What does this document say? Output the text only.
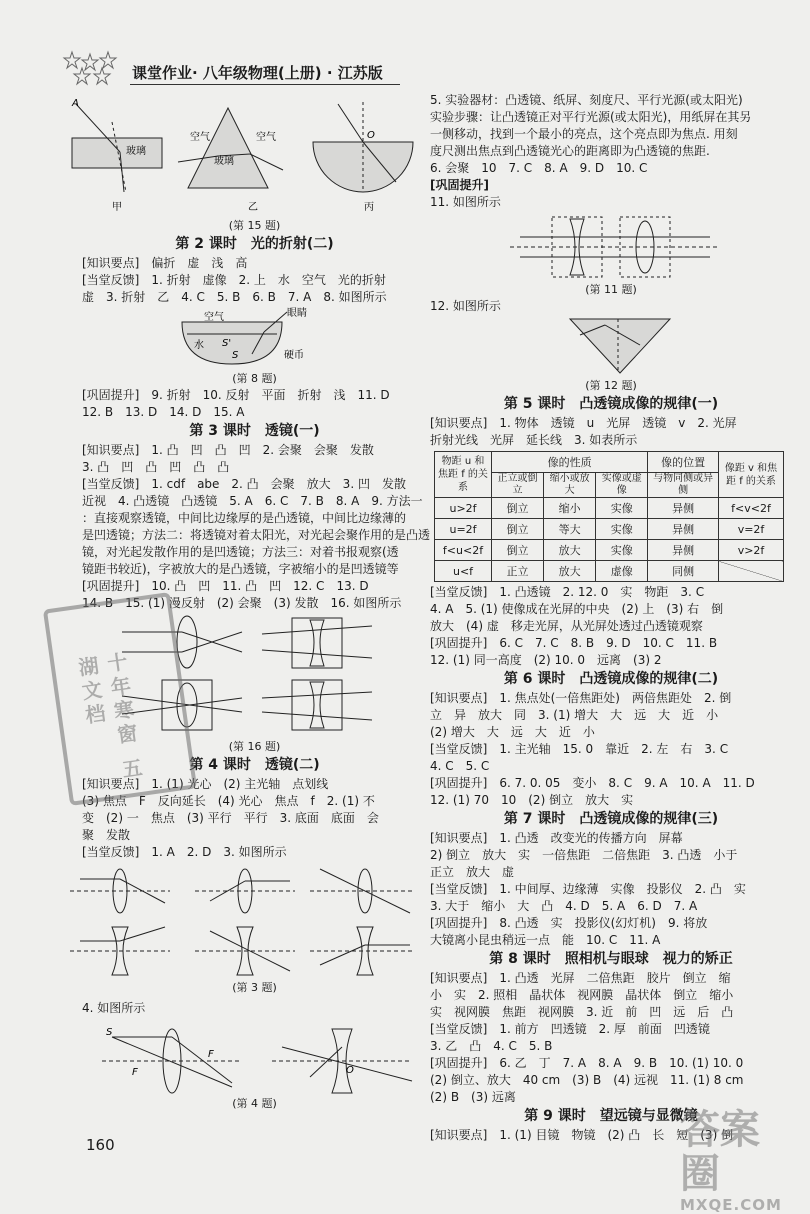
课堂作业· 八年级物理(上册) · 江苏版
A
玻璃
空气	空气
玻璃
O
甲	乙	丙
(第 15 题)
第 2 课时　光的折射(二)
[知识要点]　偏折　虚　浅　高
[当堂反馈]　1. 折射　虚像　2. 上　水　空气　光的折射
虚　3. 折射　乙　4. C　5. B　6. B　7. A　8. 如图所示
眼睛
空气
水
硬币
S'
S
(第 8 题)
[巩固提升]　9. 折射　10. 反射　平面　折射　浅　11. D
12. B　13. D　14. D　15. A
第 3 课时　透镜(一)
[知识要点]　1. 凸　凹　凸　凹　2. 会聚　会聚　发散
3. 凸　凹　凸　凹　凸　凸
[当堂反馈]　1. cdf　abe　2. 凸　会聚　放大　3. 凹　发散
近视　4. 凸透镜　凸透镜　5. A　6. C　7. B　8. A　9. 方法一
：直接观察透镜，中间比边缘厚的是凸透镜，中间比边缘薄的
是凹透镜；方法二：将透镜对着太阳光，对光起会聚作用的是凸透
镜，对光起发散作用的是凹透镜；方法三：对着书报观察(透
镜距书较近)，字被放大的是凸透镜，字被缩小的是凹透镜等
[巩固提升]　10. 凸　凹　11. 凸　凹　12. C　13. D
14. B　15. (1) 漫反射　(2) 会聚　(3) 发散　16. 如图所示
(第 16 题)
第 4 课时　透镜(二)
[知识要点]　1. (1) 光心　(2) 主光轴　点划线
(3) 焦点　F　反向延长　(4) 光心　焦点　f　2. (1) 不
变　(2) 一　焦点　(3) 平行　平行　3. 底面　底面　会
聚　发散
[当堂反馈]　1. A　2. D　3. 如图所示
(第 3 题)
4. 如图所示
S
F
F
O
(第 4 题)
十年寒窗 五湖文档
5. 实验器材：凸透镜、纸屏、刻度尺、平行光源(或太阳光)
实验步骤：让凸透镜正对平行光源(或太阳光)，用纸屏在其另
一侧移动，找到一个最小的亮点，这个亮点即为焦点. 用刻
度尺测出焦点到凸透镜光心的距离即为凸透镜的焦距.
6. 会聚　10　7. C　8. A　9. D　10. C
[巩固提升]
11. 如图所示
(第 11 题)
12. 如图所示
(第 12 题)
第 5 课时　凸透镜成像的规律(一)
[知识要点]　1. 物体　透镜　u　光屏　透镜　v　2. 光屏
折射光线　光屏　延长线　3. 如表所示
物距 u 和焦距 f 的关系	像的性质			像的位置	像距 v 和焦距 f 的关系
	正立或倒立	缩小或放大	实像或虚像	与物同侧或异侧	
u>2f	倒立	缩小	实像	异侧	f<v<2f
u=2f	倒立	等大	实像	异侧	v=2f
f<u<2f	倒立	放大	实像	异侧	v>2f
u<f	正立	放大	虚像	同侧	
[当堂反馈]　1. 凸透镜　2. 12. 0　实　物距　3. C
4. A　5. (1) 使像成在光屏的中央　(2) 上　(3) 右　倒
放大　(4) 虚　移走光屏，从光屏处透过凸透镜观察
[巩固提升]　6. C　7. C　8. B　9. D　10. C　11. B
12. (1) 同一高度　(2) 10. 0　远离　(3) 2
第 6 课时　凸透镜成像的规律(二)
[知识要点]　1. 焦点处(一倍焦距处)　两倍焦距处　2. 倒
立　异　放大　同　3. (1) 增大　大　远　大　近　小
(2) 增大　大　远　大　近　小
[当堂反馈]　1. 主光轴　15. 0　靠近　2. 左　右　3. C
4. C　5. C
[巩固提升]　6. 7. 0. 05　变小　8. C　9. A　10. A　11. D
12. (1) 70　10　(2) 倒立　放大　实
第 7 课时　凸透镜成像的规律(三)
[知识要点]　1. 凸透　改变光的传播方向　屏幕
2) 倒立　放大　实　一倍焦距　二倍焦距　3. 凸透　小于
正立　放大　虚
[当堂反馈]　1. 中间厚、边缘薄　实像　投影仪　2. 凸　实
3. 大于　缩小　大　凸　4. D　5. A　6. D　7. A
[巩固提升]　8. 凸透　实　投影仪(幻灯机)　9. 将放
大镜离小昆虫稍远一点　能　10. C　11. A
第 8 课时　照相机与眼球　视力的矫正
[知识要点]　1. 凸透　光屏　二倍焦距　胶片　倒立　缩
小　实　2. 照相　晶状体　视网膜　晶状体　倒立　缩小
实　视网膜　焦距　视网膜　3. 近　前　凹　远　后　凸
[当堂反馈]　1. 前方　凹透镜　2. 厚　前面　凹透镜
3. 乙　凸　4. C　5. B
[巩固提升]　6. 乙　丁　7. A　8. A　9. B　10. (1) 10. 0
(2) 倒立、放大　40 cm　(3) B　(4) 远视　11. (1) 8 cm
(2) B　(3) 远离
第 9 课时　望远镜与显微镜
[知识要点]　1. (1) 目镜　物镜　(2) 凸　长　短　(3) 倒
160	答案圈
MXQE.COM
